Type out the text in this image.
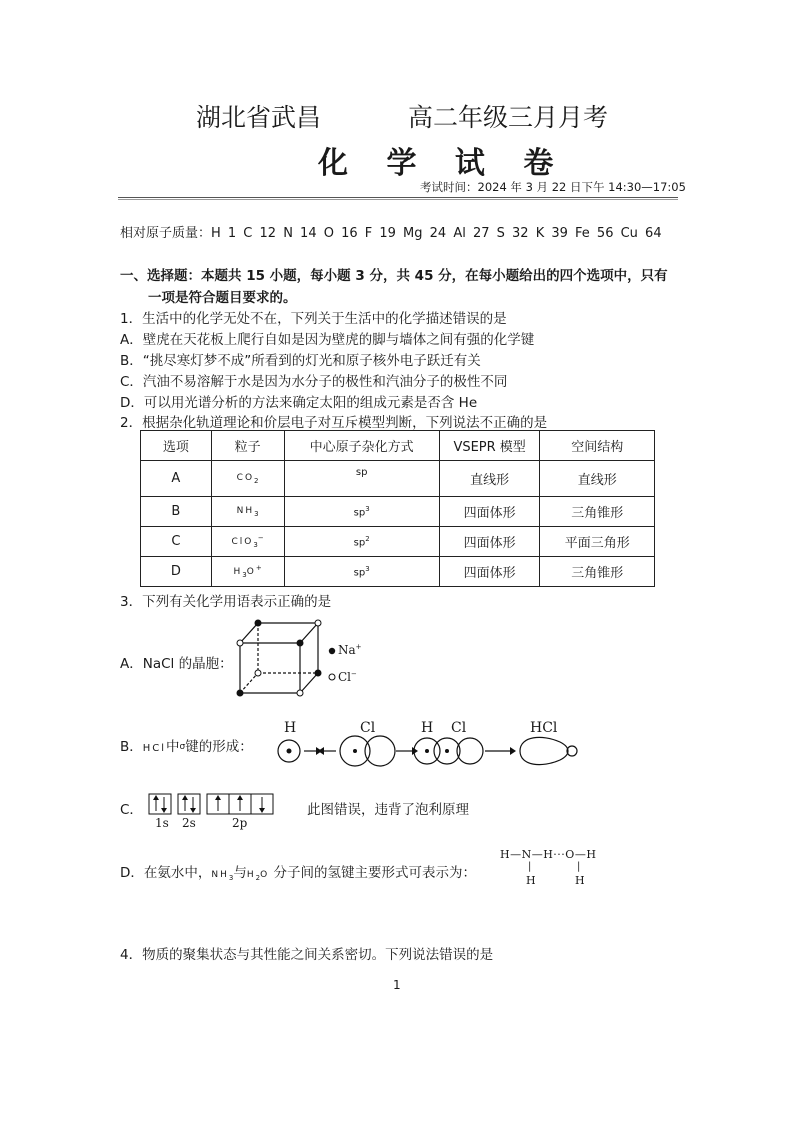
湖北省武昌	高二年级三月月考
化 学 试 卷
考试时间：2024 年 3 月 22 日下午 14:30—17:05
相对原子质量：H 1 C 12 N 14 O 16 F 19 Mg 24 Al 27 S 32 K 39 Fe 56 Cu 64
一、选择题：本题共 15 小题，每小题 3 分，共 45 分，在每小题给出的四个选项中，只有
一项是符合题目要求的。
1．生活中的化学无处不在，下列关于生活中的化学描述错误的是
A．壁虎在天花板上爬行自如是因为壁虎的脚与墙体之间有强的化学键
B．“挑尽寒灯梦不成”所看到的灯光和原子核外电子跃迁有关
C．汽油不易溶解于水是因为水分子的极性和汽油分子的极性不同
D．可以用光谱分析的方法来确定太阳的组成元素是否含 He
2．根据杂化轨道理论和价层电子对互斥模型判断，下列说法不正确的是
选项	粒子	中心原子杂化方式	VSEPR 模型	空间结构
A	$CO_2$	sp	直线形	直线形
B	$NH_3$	$sp^3$	四面体形	三角锥形
C	ClO$_3$−	$sp^2$	四面体形	平面三角形
D	$H_3O^+$	$sp^3$	四面体形	三角锥形
3．下列有关化学用语表示正确的是
A．NaCl 的晶胞：
Na+
Cl−
B．HCl中σ键的形成：
H	Cl	H Cl	HCl
C．
1s 2s	2p
此图错误，违背了泡利原理
D．在氨水中，$NH_3$与$H_2O$ 分子间的氢键主要形式可表示为：
H—N—H···O—H
|	|
H	H
4．物质的聚集状态与其性能之间关系密切。下列说法错误的是
1
